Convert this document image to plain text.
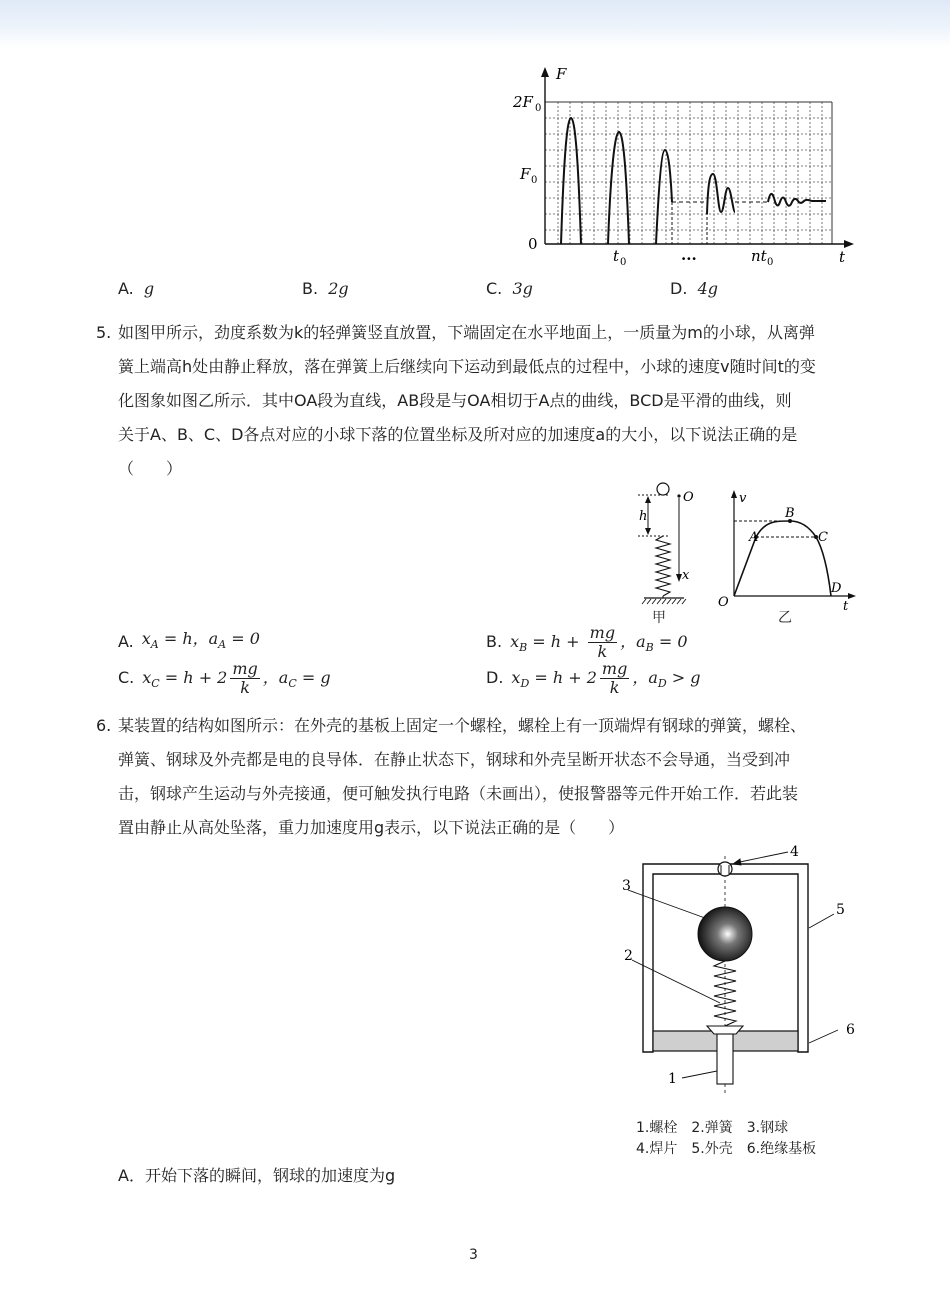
F
t
0
2F 0
F 0
t 0	...	nt 0
A. g	B. 2g	C. 3g	D. 4g
5. 如图甲所示，劲度系数为k的轻弹簧竖直放置，下端固定在水平地面上，一质量为m的小球，从离弹
簧上端高h处由静止释放，落在弹簧上后继续向下运动到最低点的过程中，小球的速度v随时间t的变
化图象如图乙所示．其中OA段为直线，AB段是与OA相切于A点的曲线，BCD是平滑的曲线，则
关于A、B、C、D各点对应的小球下落的位置坐标及所对应的加速度a的大小，以下说法正确的是
（　　）
h
O
x
甲
v
t
O
A
B
C
D
乙
A. $x_A = h$，$a_A = 0$	B. $x_B = h + \frac{mg}{k}$ ，$a_B = 0$
C. $x_C = h + 2 \frac{mg}{k}$ ，$a_C = g$	D. $x_D = h + 2 \frac{mg}{k}$ ，$a_D > g$
6. 某装置的结构如图所示：在外壳的基板上固定一个螺栓，螺栓上有一顶端焊有钢球的弹簧，螺栓、
弹簧、钢球及外壳都是电的良导体．在静止状态下，钢球和外壳呈断开状态不会导通，当受到冲
击，钢球产生运动与外壳接通，便可触发执行电路（未画出），使报警器等元件开始工作．若此装
置由静止从高处坠落，重力加速度用g表示，以下说法正确的是（　　）
4
3
2
5
6
1
1.螺栓　2.弹簧　3.钢球
4.焊片　5.外壳　6.绝缘基板
A．开始下落的瞬间，钢球的加速度为g
3
